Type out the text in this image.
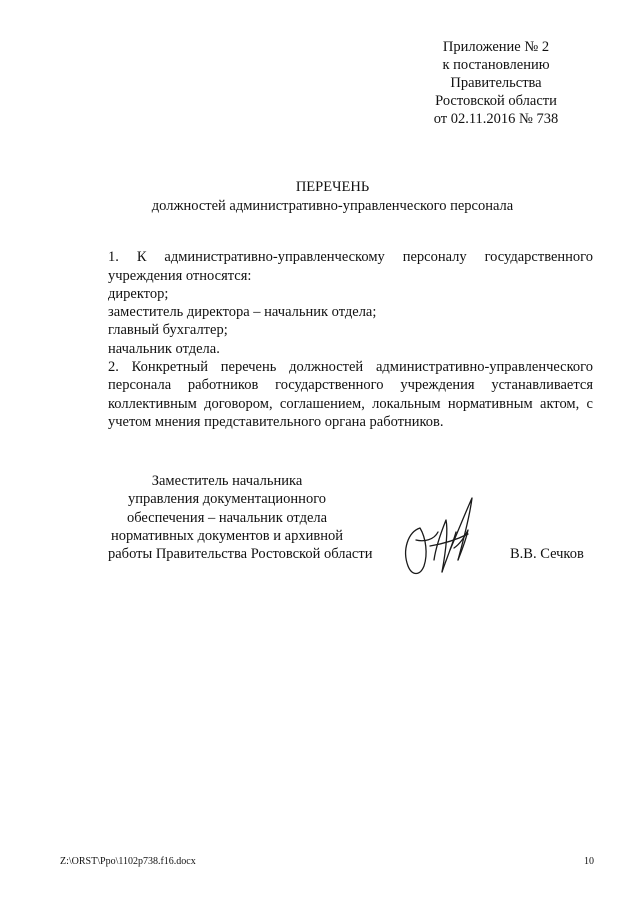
Приложение № 2
к постановлению
Правительства
Ростовской области
от 02.11.2016 № 738
ПЕРЕЧЕНЬ
должностей административно-управленческого персонала

1. К административно-управленческому персоналу государственного учреждения относятся:

директор;
заместитель директора – начальник отдела;
главный бухгалтер;
начальник отдела.

2. Конкретный перечень должностей административно-управленческого персонала работников государственного учреждения устанавливается коллективным договором, соглашением, локальным нормативным актом, с учетом мнения представительного органа работников.

Заместитель начальника
управления документационного
обеспечения – начальник отдела
нормативных документов и архивной
работы Правительства Ростовской области	В.В. Сечков
Z:\ORST\Ppo\1102p738.f16.docx	10
